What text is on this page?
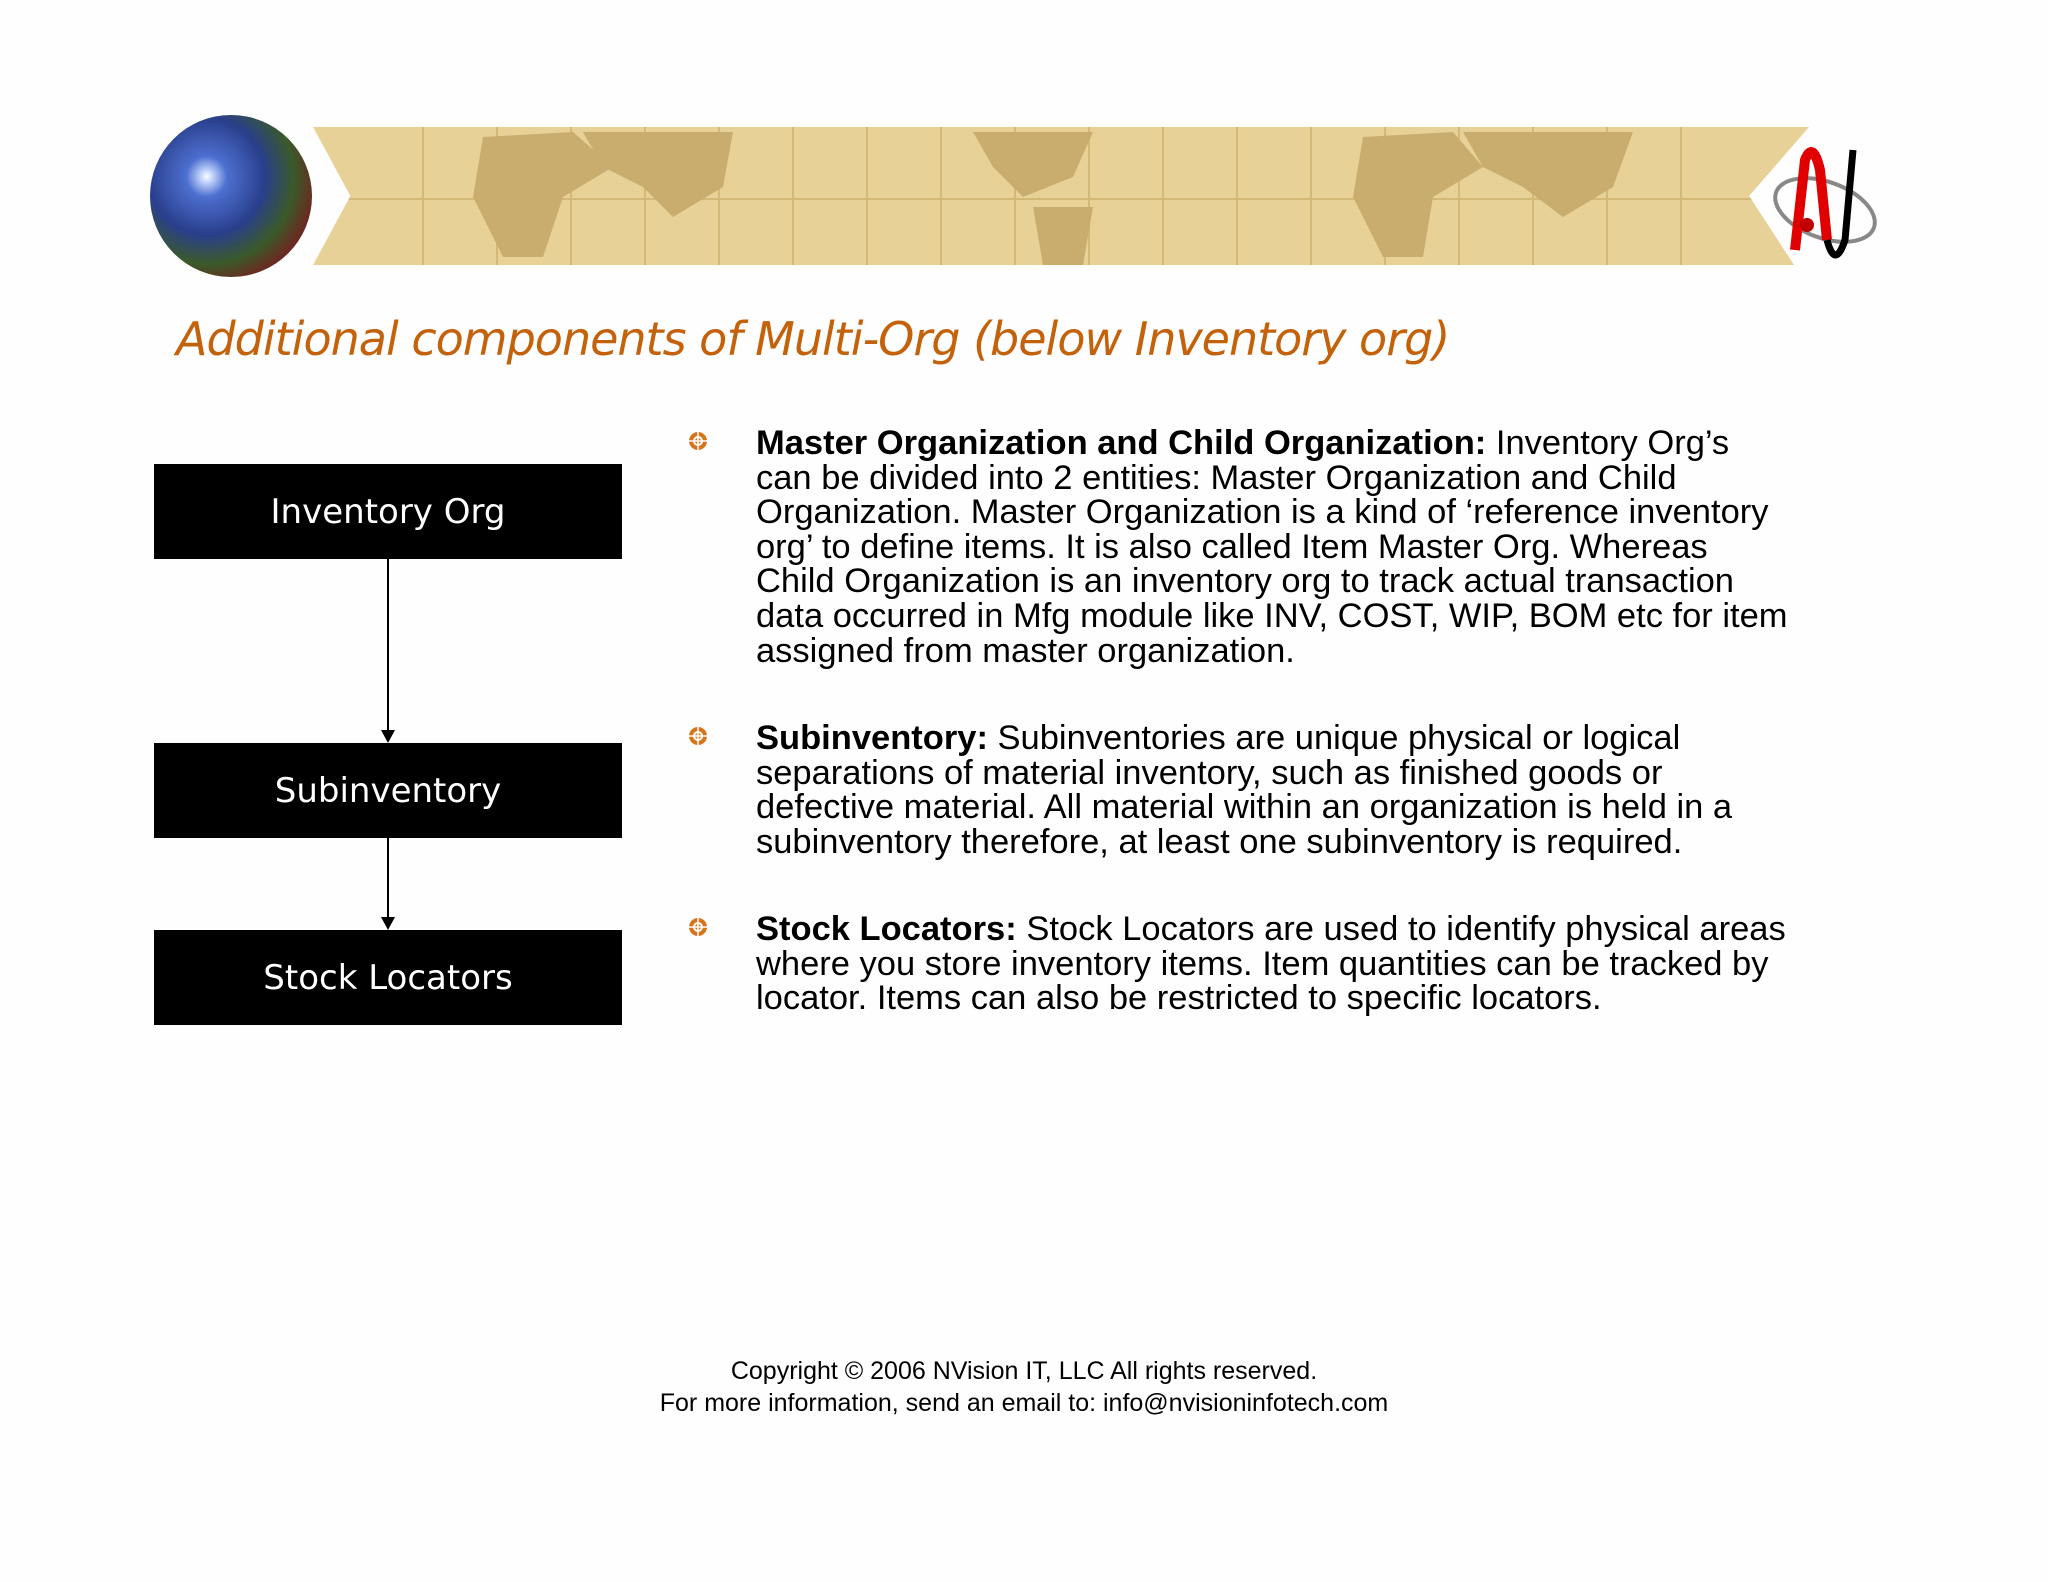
Additional components of Multi-Org (below Inventory org)
Inventory Org
Subinventory
Stock Locators
Master Organization and Child Organization: Inventory Org’s
can be divided into 2 entities: Master Organization and Child
Organization. Master Organization is a kind of ‘reference inventory
org’ to define items. It is also called Item Master Org. Whereas
Child Organization is an inventory org to track actual transaction
data occurred in Mfg module like INV, COST, WIP, BOM etc for item
assigned from master organization.
Subinventory: Subinventories are unique physical or logical
separations of material inventory, such as finished goods or
defective material. All material within an organization is held in a
subinventory therefore, at least one subinventory is required.
Stock Locators: Stock Locators are used to identify physical areas
where you store inventory items. Item quantities can be tracked by
locator. Items can also be restricted to specific locators.
Copyright © 2006 NVision IT, LLC All rights reserved.
For more information, send an email to: info@nvisioninfotech.com
